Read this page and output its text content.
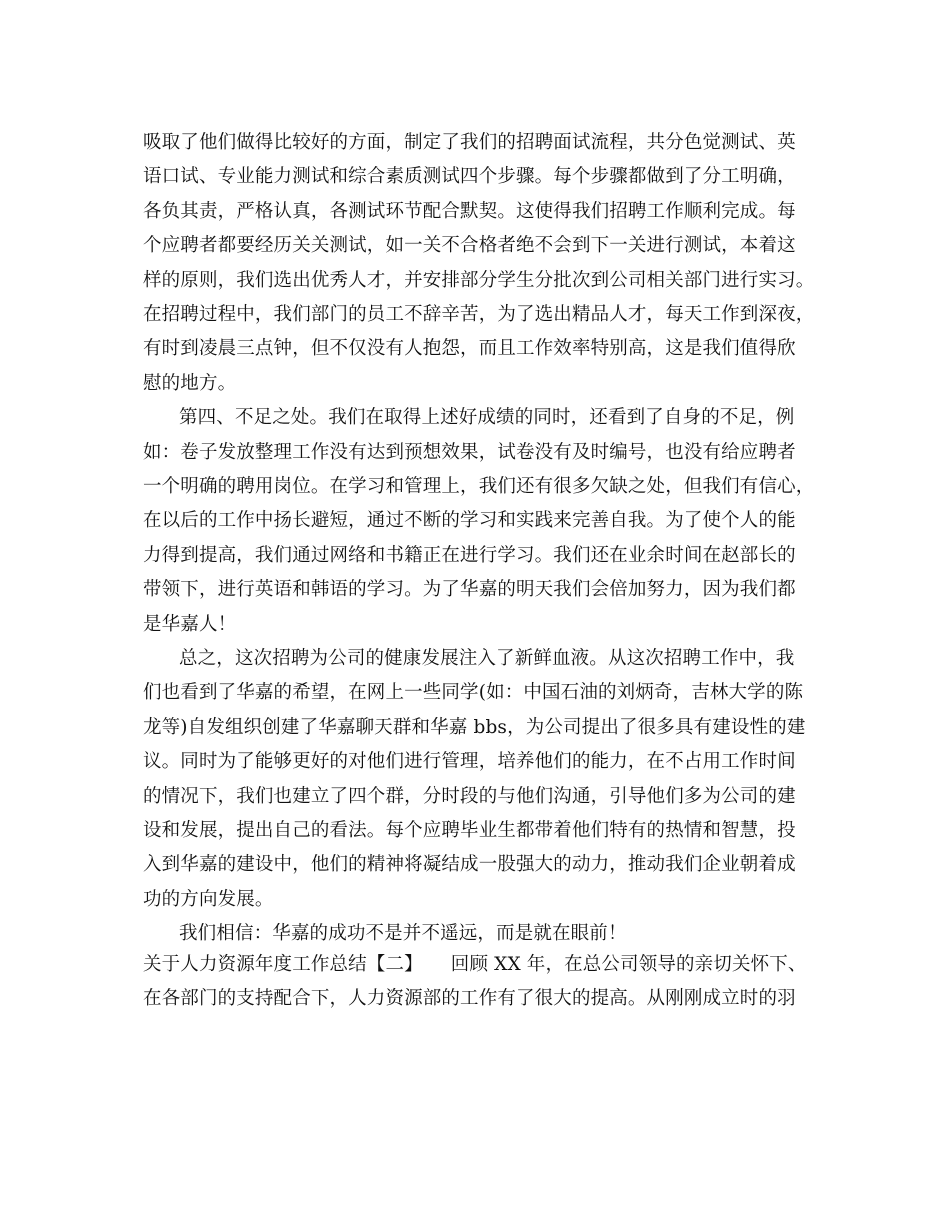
吸取了他们做得比较好的方面，制定了我们的招聘面试流程，共分色觉测试、英
语口试、专业能力测试和综合素质测试四个步骤。每个步骤都做到了分工明确，
各负其责，严格认真，各测试环节配合默契。这使得我们招聘工作顺利完成。每
个应聘者都要经历关关测试，如一关不合格者绝不会到下一关进行测试，本着这
样的原则，我们选出优秀人才，并安排部分学生分批次到公司相关部门进行实习。
在招聘过程中，我们部门的员工不辞辛苦，为了选出精品人才，每天工作到深夜，
有时到凌晨三点钟，但不仅没有人抱怨，而且工作效率特别高，这是我们值得欣
慰的地方。
第四、不足之处。我们在取得上述好成绩的同时，还看到了自身的不足，例
如：卷子发放整理工作没有达到预想效果，试卷没有及时编号，也没有给应聘者
一个明确的聘用岗位。在学习和管理上，我们还有很多欠缺之处，但我们有信心，
在以后的工作中扬长避短，通过不断的学习和实践来完善自我。为了使个人的能
力得到提高，我们通过网络和书籍正在进行学习。我们还在业余时间在赵部长的
带领下，进行英语和韩语的学习。为了华嘉的明天我们会倍加努力，因为我们都
是华嘉人！
总之，这次招聘为公司的健康发展注入了新鲜血液。从这次招聘工作中，我
们也看到了华嘉的希望，在网上一些同学(如：中国石油的刘炳奇，吉林大学的陈
龙等)自发组织创建了华嘉聊天群和华嘉 bbs，为公司提出了很多具有建设性的建
议。同时为了能够更好的对他们进行管理，培养他们的能力，在不占用工作时间
的情况下，我们也建立了四个群，分时段的与他们沟通，引导他们多为公司的建
设和发展，提出自己的看法。每个应聘毕业生都带着他们特有的热情和智慧，投
入到华嘉的建设中，他们的精神将凝结成一股强大的动力，推动我们企业朝着成
功的方向发展。
我们相信：华嘉的成功不是并不遥远，而是就在眼前！
关于人力资源年度工作总结【二】　　回顾 XX 年，在总公司领导的亲切关怀下、
在各部门的支持配合下，人力资源部的工作有了很大的提高。从刚刚成立时的羽
